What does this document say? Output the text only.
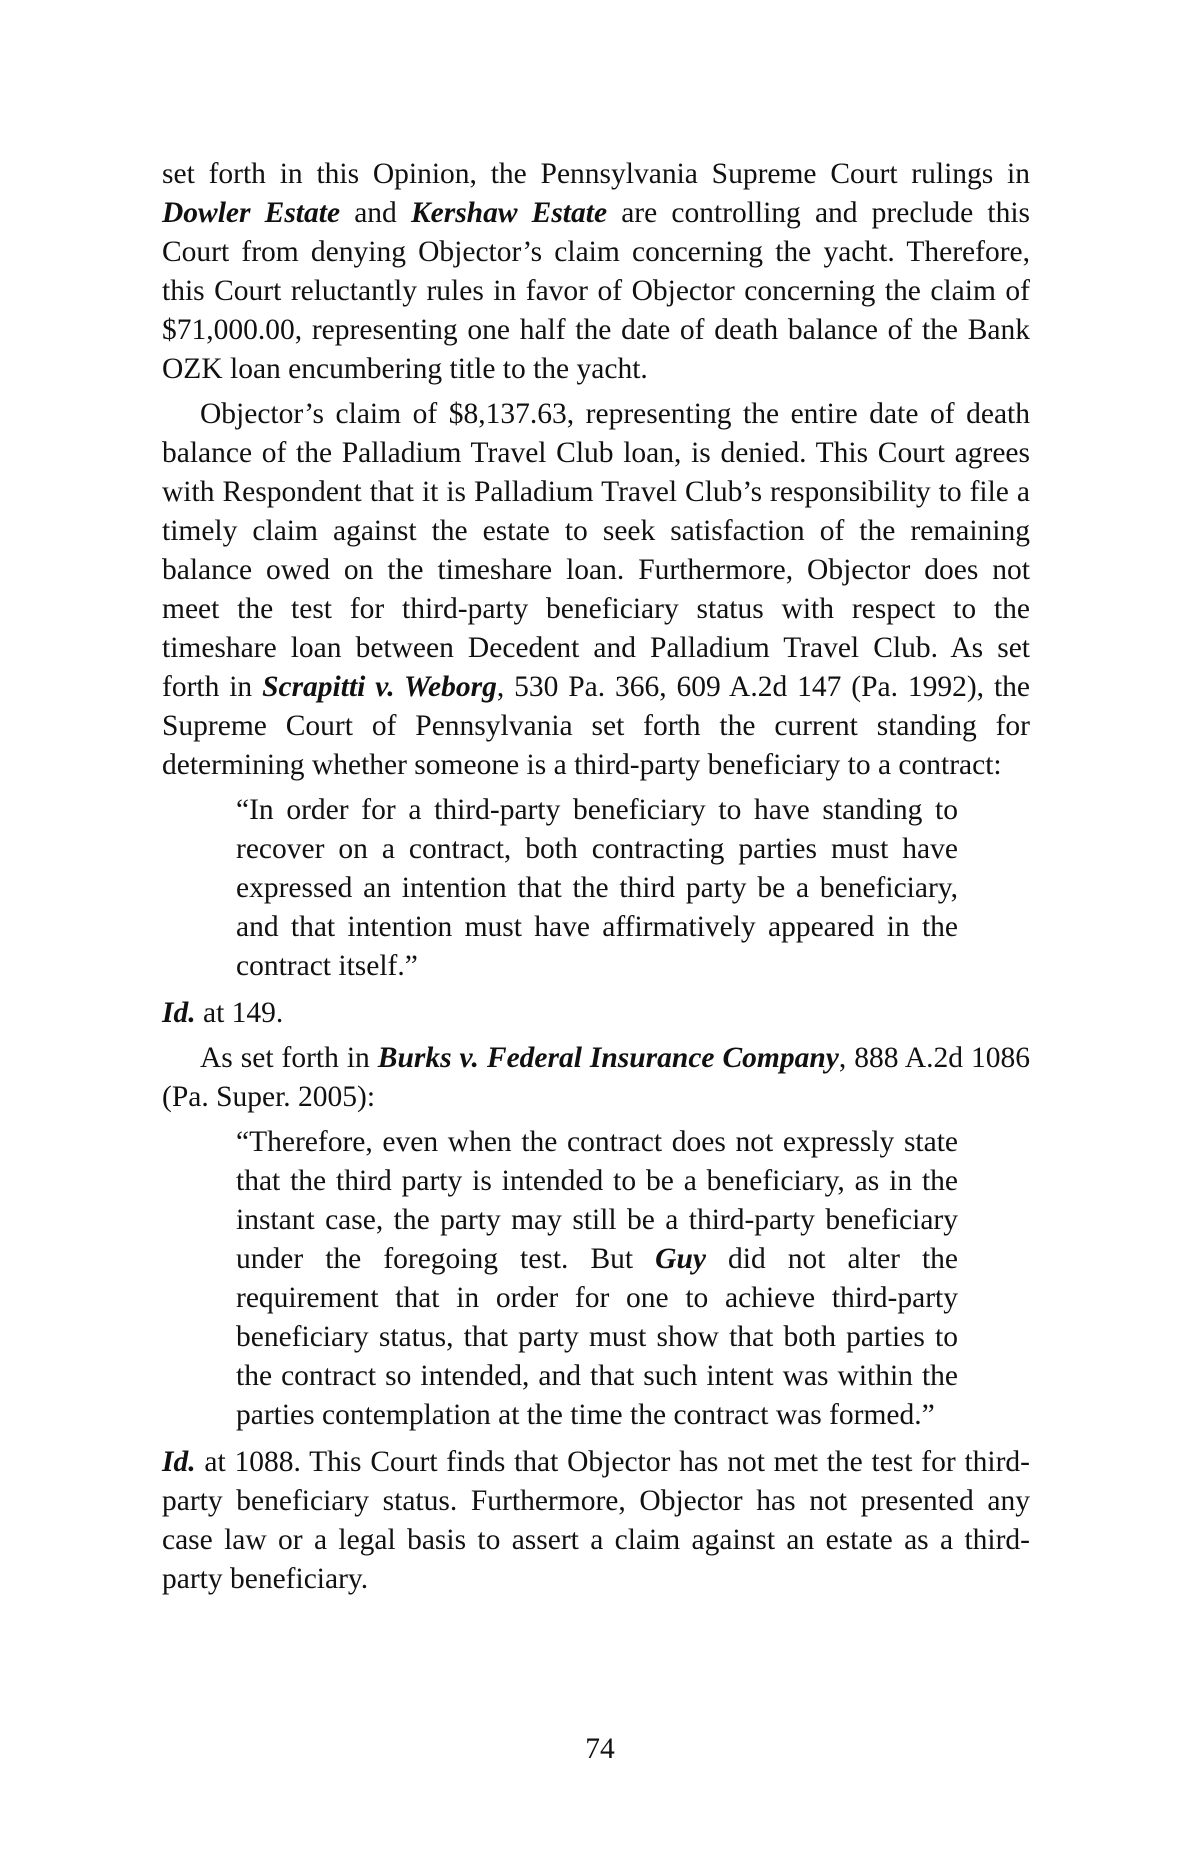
set forth in this Opinion, the Pennsylvania Supreme Court rulings in Dowler Estate and Kershaw Estate are controlling and preclude this Court from denying Objector’s claim concerning the yacht. Therefore, this Court reluctantly rules in favor of Objector concerning the claim of $71,000.00, representing one half the date of death balance of the Bank OZK loan encumbering title to the yacht.

Objector’s claim of $8,137.63, representing the entire date of death balance of the Palladium Travel Club loan, is denied. This Court agrees with Respondent that it is Palladium Travel Club’s responsibility to file a timely claim against the estate to seek satisfaction of the remaining balance owed on the timeshare loan. Furthermore, Objector does not meet the test for third-party beneficiary status with respect to the timeshare loan between Decedent and Palladium Travel Club. As set forth in Scrapitti v. Weborg, 530 Pa. 366, 609 A.2d 147 (Pa. 1992), the Supreme Court of Pennsylvania set forth the current standing for determining whether someone is a third-party beneficiary to a contract:

“In order for a third-party beneficiary to have standing to recover on a contract, both contracting parties must have expressed an intention that the third party be a beneficiary, and that intention must have affirmatively appeared in the contract itself.”

Id. at 149.

As set forth in Burks v. Federal Insurance Company, 888 A.2d 1086 (Pa. Super. 2005):

“Therefore, even when the contract does not expressly state that the third party is intended to be a beneficiary, as in the instant case, the party may still be a third-party beneficiary under the foregoing test. But Guy did not alter the requirement that in order for one to achieve third-party beneficiary status, that party must show that both parties to the contract so intended, and that such intent was within the parties contemplation at the time the contract was formed.”

Id. at 1088. This Court finds that Objector has not met the test for third-party beneficiary status. Furthermore, Objector has not presented any case law or a legal basis to assert a claim against an estate as a third-party beneficiary.

74
